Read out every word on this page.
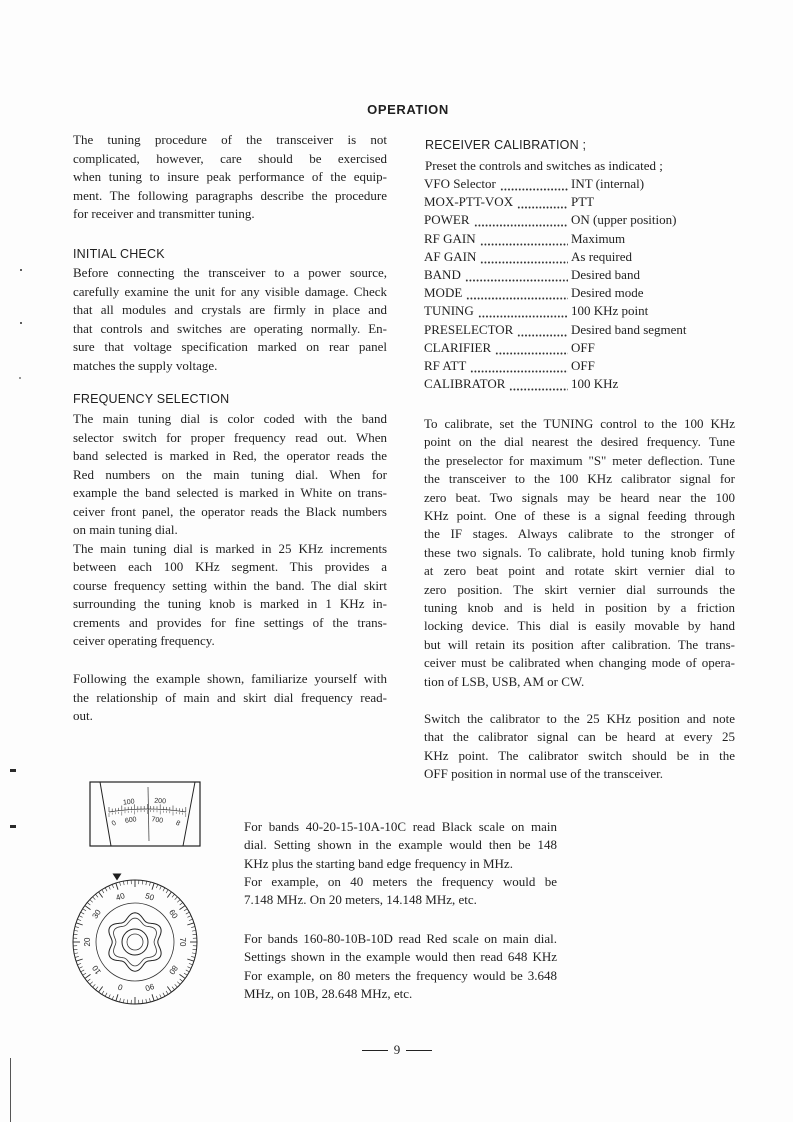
OPERATION
The tuning procedure of the transceiver is not
complicated, however, care should be exercised
when tuning to insure peak performance of the equip-
ment. The following paragraphs describe the procedure
for receiver and transmitter tuning.
INITIAL CHECK
Before connecting the transceiver to a power source,
carefully examine the unit for any visible damage. Check
that all modules and crystals are firmly in place and
that controls and switches are operating normally. En-
sure that voltage specification marked on rear panel
matches the supply voltage.
FREQUENCY SELECTION
The main tuning dial is color coded with the band
selector switch for proper frequency read out. When
band selected is marked in Red, the operator reads the
Red numbers on the main tuning dial. When for
example the band selected is marked in White on trans-
ceiver front panel, the operator reads the Black numbers
on main tuning dial.
The main tuning dial is marked in 25 KHz increments
between each 100 KHz segment. This provides a
course frequency setting within the band. The dial skirt
surrounding the tuning knob is marked in 1 KHz in-
crements and provides for fine settings of the trans-
ceiver operating frequency.
Following the example shown, familiarize yourself with
the relationship of main and skirt dial frequency read-
out.
RECEIVER CALIBRATION ;
Preset the controls and switches as indicated ;
VFO Selector	INT (internal)
MOX-PTT-VOX	PTT
POWER	ON (upper position)
RF GAIN	Maximum
AF GAIN	As required
BAND	Desired band
MODE	Desired mode
TUNING	100 KHz point
PRESELECTOR	Desired band segment
CLARIFIER	OFF
RF ATT	OFF
CALIBRATOR	100 KHz
To calibrate, set the TUNING control to the 100 KHz
point on the dial nearest the desired frequency. Tune
the preselector for maximum "S" meter deflection. Tune
the transceiver to the 100 KHz calibrator signal for
zero beat. Two signals may be heard near the 100
KHz point. One of these is a signal feeding through
the IF stages. Always calibrate to the stronger of
these two signals. To calibrate, hold tuning knob firmly
at zero beat point and rotate skirt vernier dial to
zero position. The skirt vernier dial surrounds the
tuning knob and is held in position by a friction
locking device. This dial is easily movable by hand
but will retain its position after calibration. The trans-
ceiver must be calibrated when changing mode of opera-
tion of LSB, USB, AM or CW.
Switch the calibrator to the 25 KHz position and note
that the calibrator signal can be heard at every 25
KHz point. The calibrator switch should be in the
OFF position in normal use of the transceiver.
100	200
0 600 700 8
40 50
60
70
80
90
0
10
20
30
For bands 40-20-15-10A-10C read Black scale on main
dial. Setting shown in the example would then be 148
KHz plus the starting band edge frequency in MHz.
For example, on 40 meters the frequency would be
7.148 MHz. On 20 meters, 14.148 MHz, etc.
For bands 160-80-10B-10D read Red scale on main dial.
Settings shown in the example would then read 648 KHz
For example, on 80 meters the frequency would be 3.648
MHz, on 10B, 28.648 MHz, etc.
9
